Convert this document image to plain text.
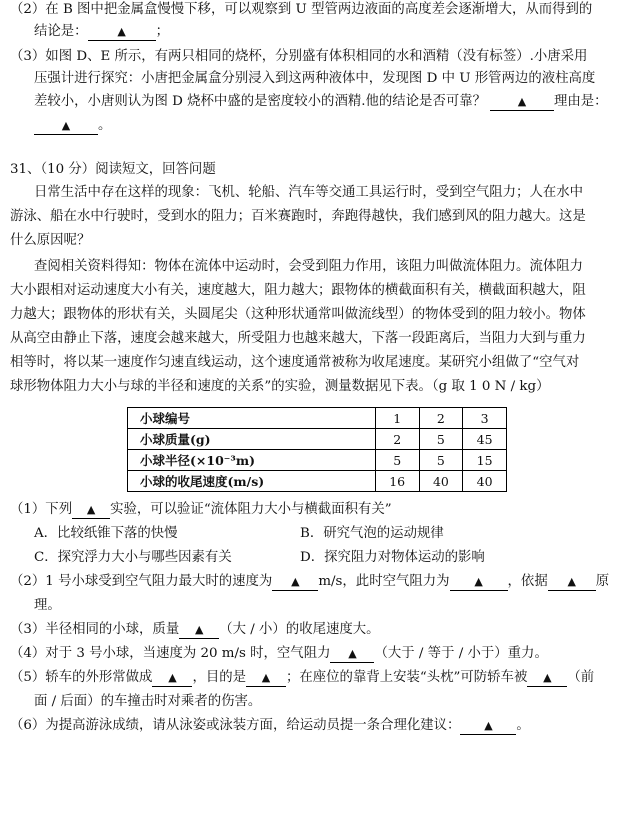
（2）在 B 图中把金属盒慢慢下移，可以观察到 U 型管两边液面的高度差会逐渐增大，从而得到的
结论是：	▲ ；
（3）如图 D、E 所示，有两只相同的烧杯，分别盛有体积相同的水和酒精（没有标签）.小唐采用
压强计进行探究：小唐把金属盒分别浸入到这两种液体中，发现图 D 中 U 形管两边的液柱高度
差较小，小唐则认为图 D 烧杯中盛的是密度较小的酒精.他的结论是否可靠？	▲ 理由是：
▲ 。
31、（10 分）阅读短文，回答问题
日常生活中存在这样的现象：飞机、轮船、汽车等交通工具运行时，受到空气阻力；人在水中
游泳、船在水中行驶时，受到水的阻力；百米赛跑时，奔跑得越快，我们感到风的阻力越大。这是
什么原因呢？
查阅相关资料得知：物体在流体中运动时，会受到阻力作用，该阻力叫做流体阻力。流体阻力
大小跟相对运动速度大小有关，速度越大，阻力越大；跟物体的横截面积有关，横截面积越大，阻
力越大；跟物体的形状有关，头圆尾尖（这种形状通常叫做流线型）的物体受到的阻力较小。物体
从高空由静止下落，速度会越来越大，所受阻力也越来越大，下落一段距离后，当阻力大到与重力
相等时，将以某一速度作匀速直线运动，这个速度通常被称为收尾速度。某研究小组做了“空气对
球形物体阻力大小与球的半径和速度的关系”的实验，测量数据见下表。（g 取 1 0 N / kg）
小球编号	1	2	3
小球质量(g)	2	5	45
小球半径(×10⁻³m)	5	5	15
小球的收尾速度(m/s)	16	40	40
（1）下列 ▲ 实验，可以验证“流体阻力大小与横截面积有关”
A．比较纸锥下落的快慢	B．研究气泡的运动规律
C．探究浮力大小与哪些因素有关	D．探究阻力对物体运动的影响
（2）1 号小球受到空气阻力最大时的速度为 ▲ m/s，此时空气阻力为 ▲ ，依据 ▲ 原
理。
（3）半径相同的小球，质量 ▲ （大 / 小）的收尾速度大。
（4）对于 3 号小球，当速度为 20 m/s 时，空气阻力 ▲ （大于 / 等于 / 小于）重力。
（5）轿车的外形常做成 ▲ ，目的是 ▲ ；在座位的靠背上安装“头枕”可防轿车被 ▲ （前
面 / 后面）的车撞击时对乘者的伤害。
（6）为提高游泳成绩，请从泳姿或泳装方面，给运动员提一条合理化建议： ▲ 。
